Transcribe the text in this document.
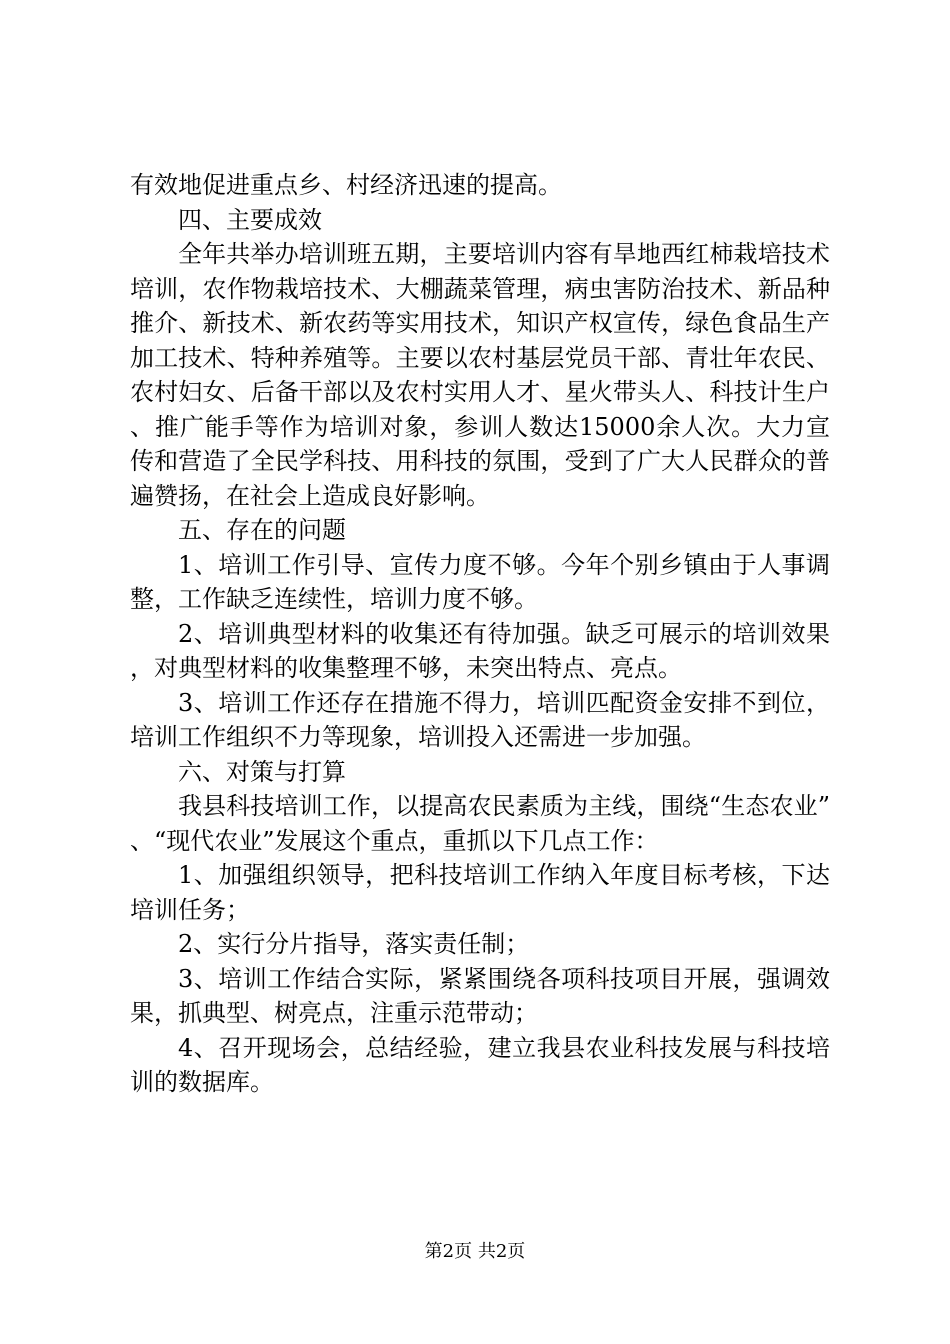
有效地促进重点乡、村经济迅速的提高。

四、主要成效

全年共举办培训班五期，主要培训内容有旱地西红柿栽培技术培训，农作物栽培技术、大棚蔬菜管理，病虫害防治技术、新品种推介、新技术、新农药等实用技术，知识产权宣传，绿色食品生产加工技术、特种养殖等。主要以农村基层党员干部、青壮年农民、农村妇女、后备干部以及农村实用人才、星火带头人、科技计生户、推广能手等作为培训对象，参训人数达15000余人次。大力宣传和营造了全民学科技、用科技的氛围，受到了广大人民群众的普遍赞扬，在社会上造成良好影响。

五、存在的问题

1、培训工作引导、宣传力度不够。今年个别乡镇由于人事调整，工作缺乏连续性，培训力度不够。

2、培训典型材料的收集还有待加强。缺乏可展示的培训效果，对典型材料的收集整理不够，未突出特点、亮点。

3、培训工作还存在措施不得力，培训匹配资金安排不到位，培训工作组织不力等现象，培训投入还需进一步加强。

六、对策与打算

我县科技培训工作，以提高农民素质为主线，围绕“生态农业”、“现代农业”发展这个重点，重抓以下几点工作：

1、加强组织领导，把科技培训工作纳入年度目标考核，下达培训任务；

2、实行分片指导，落实责任制；

3、培训工作结合实际，紧紧围绕各项科技项目开展，强调效果，抓典型、树亮点，注重示范带动；

4、召开现场会，总结经验，建立我县农业科技发展与科技培训的数据库。

第2页 共2页
